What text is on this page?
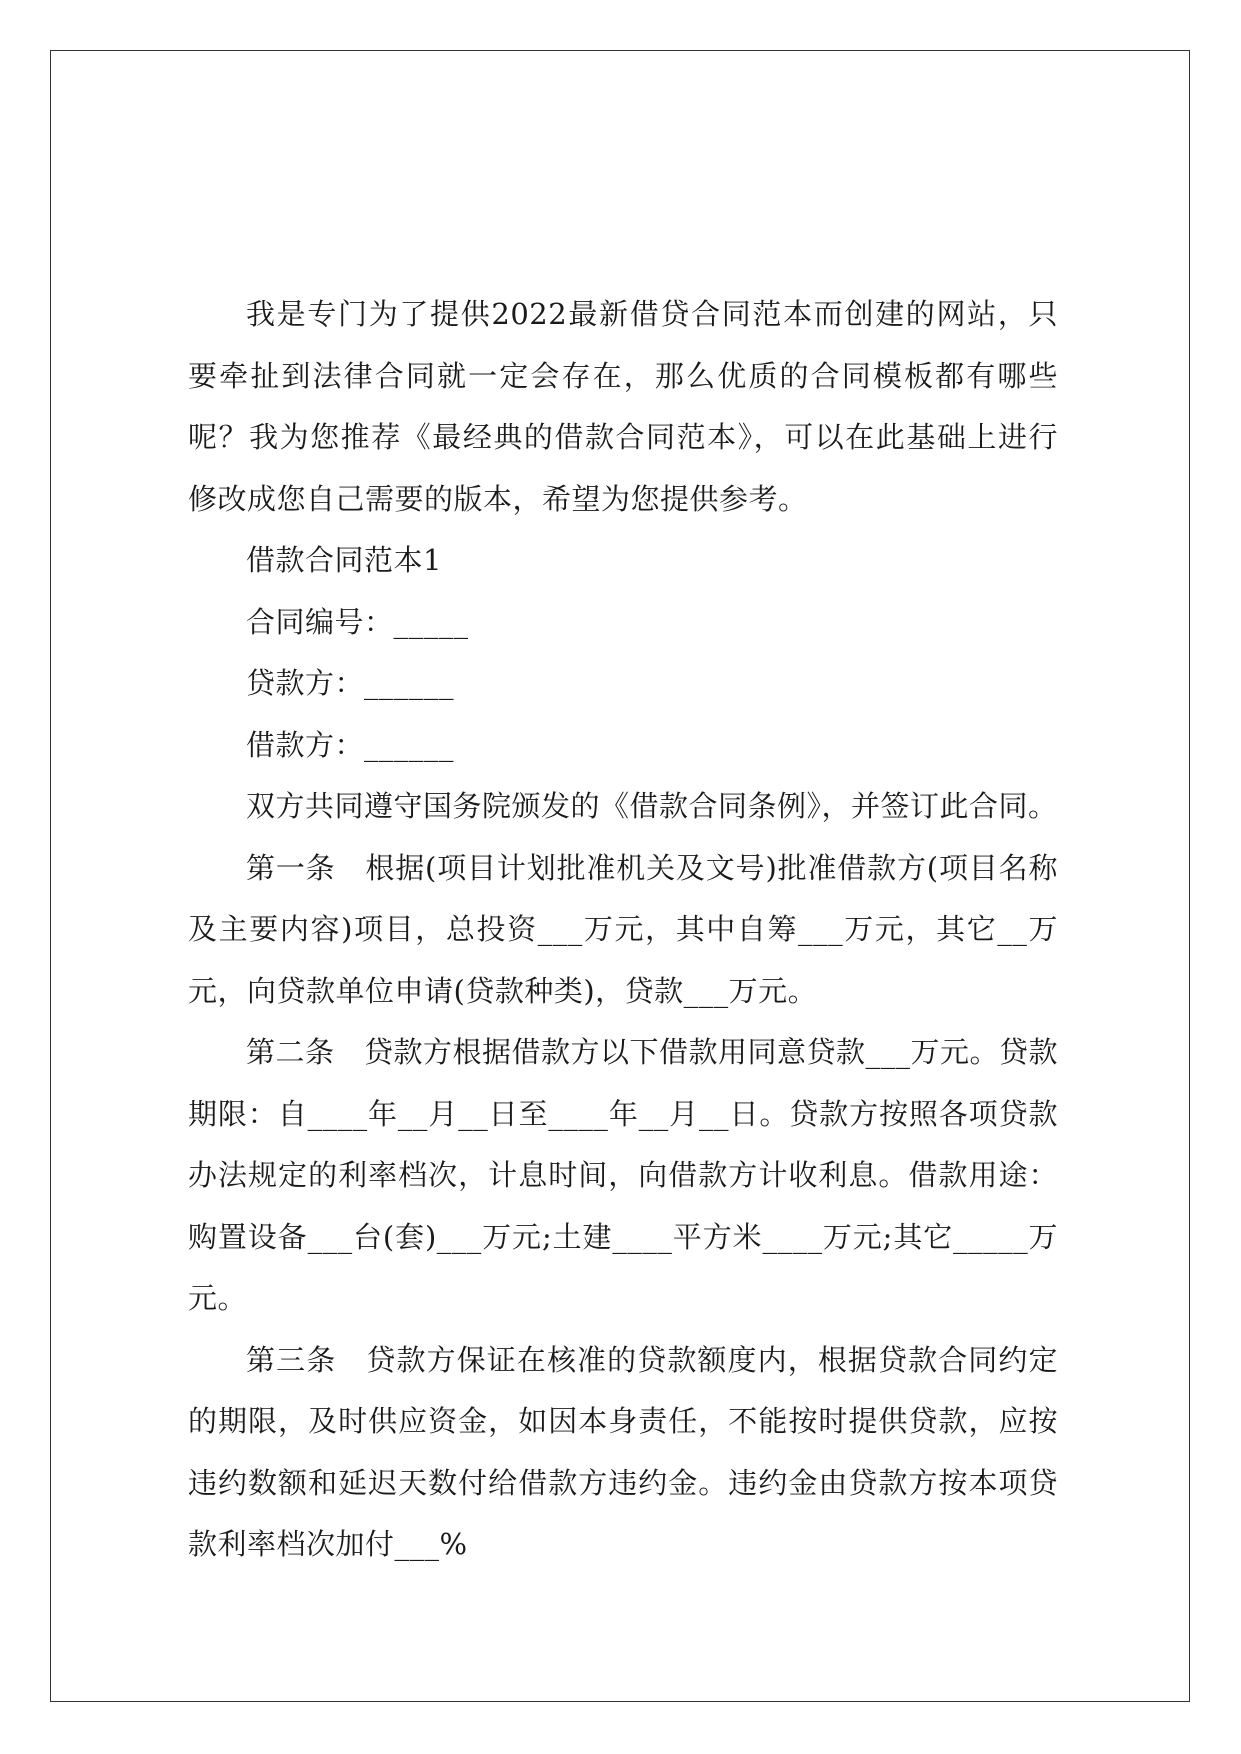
我是专门为了提供2022最新借贷合同范本而创建的网站，只要牵扯到法律合同就一定会存在，那么优质的合同模板都有哪些呢？我为您推荐《最经典的借款合同范本》，可以在此基础上进行修改成您自己需要的版本，希望为您提供参考。

借款合同范本1

合同编号：_____

贷款方：______

借款方：______

双方共同遵守国务院颁发的《借款合同条例》，并签订此合同。

第一条　根据(项目计划批准机关及文号)批准借款方(项目名称及主要内容)项目，总投资___万元，其中自筹___万元，其它__万元，向贷款单位申请(贷款种类)，贷款___万元。

第二条　贷款方根据借款方以下借款用同意贷款___万元。贷款期限：自____年__月__日至____年__月__日。贷款方按照各项贷款办法规定的利率档次，计息时间，向借款方计收利息。借款用途：购置设备___台(套)___万元;土建____平方米____万元;其它_____万元。

第三条　贷款方保证在核准的贷款额度内，根据贷款合同约定的期限，及时供应资金，如因本身责任，不能按时提供贷款，应按违约数额和延迟天数付给借款方违约金。违约金由贷款方按本项贷款利率档次加付___%
